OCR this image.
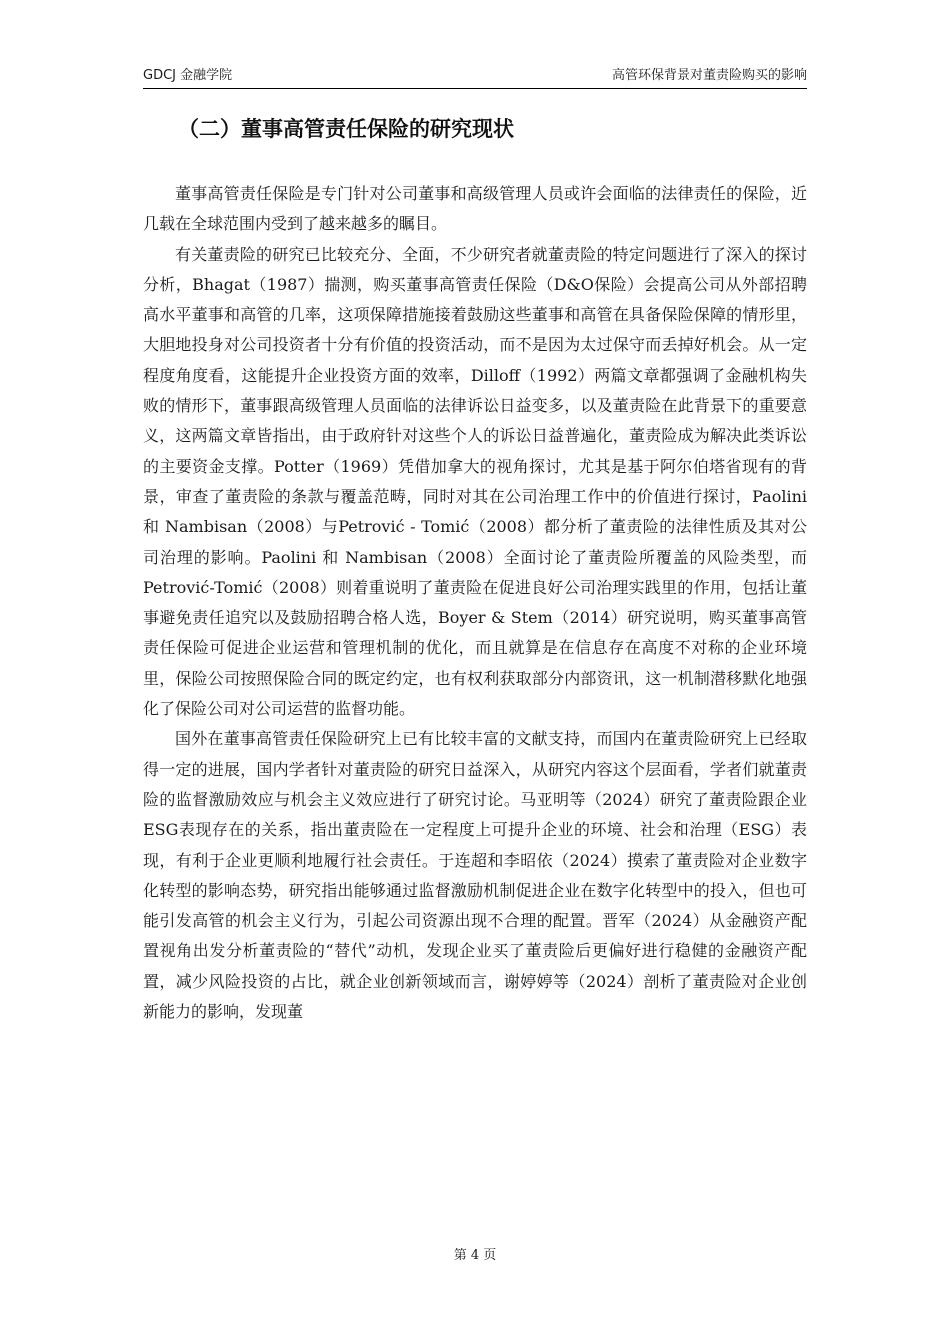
GDCJ 金融学院	高管环保背景对董责险购买的影响
（二）董事高管责任保险的研究现状

董事高管责任保险是专门针对公司董事和高级管理人员或许会面临的法律责任的保险，近几载在全球范围内受到了越来越多的瞩目。

有关董责险的研究已比较充分、全面，不少研究者就董责险的特定问题进行了深入的探讨分析，Bhagat（1987）揣测，购买董事高管责任保险（D&O保险）会提高公司从外部招聘高水平董事和高管的几率，这项保障措施接着鼓励这些董事和高管在具备保险保障的情形里，大胆地投身对公司投资者十分有价值的投资活动，而不是因为太过保守而丢掉好机会。从一定程度角度看，这能提升企业投资方面的效率，Dilloff（1992）两篇文章都强调了金融机构失败的情形下，董事跟高级管理人员面临的法律诉讼日益变多，以及董责险在此背景下的重要意义，这两篇文章皆指出，由于政府针对这些个人的诉讼日益普遍化，董责险成为解决此类诉讼的主要资金支撑。Potter（1969）凭借加拿大的视角探讨，尤其是基于阿尔伯塔省现有的背景，审查了董责险的条款与覆盖范畴，同时对其在公司治理工作中的价值进行探讨，Paolini 和 Nambisan（2008）与Petrović - Tomić（2008）都分析了董责险的法律性质及其对公司治理的影响。Paolini 和 Nambisan（2008）全面讨论了董责险所覆盖的风险类型，而Petrović-Tomić（2008）则着重说明了董责险在促进良好公司治理实践里的作用，包括让董事避免责任追究以及鼓励招聘合格人选，Boyer & Stem（2014）研究说明，购买董事高管责任保险可促进企业运营和管理机制的优化，而且就算是在信息存在高度不对称的企业环境里，保险公司按照保险合同的既定约定，也有权利获取部分内部资讯，这一机制潜移默化地强化了保险公司对公司运营的监督功能。

国外在董事高管责任保险研究上已有比较丰富的文献支持，而国内在董责险研究上已经取得一定的进展，国内学者针对董责险的研究日益深入，从研究内容这个层面看，学者们就董责险的监督激励效应与机会主义效应进行了研究讨论。马亚明等（2024）研究了董责险跟企业ESG表现存在的关系，指出董责险在一定程度上可提升企业的环境、社会和治理（ESG）表现，有利于企业更顺利地履行社会责任。于连超和李昭依（2024）摸索了董责险对企业数字化转型的影响态势，研究指出能够通过监督激励机制促进企业在数字化转型中的投入，但也可能引发高管的机会主义行为，引起公司资源出现不合理的配置。晋军（2024）从金融资产配置视角出发分析董责险的“替代”动机，发现企业买了董责险后更偏好进行稳健的金融资产配置，减少风险投资的占比，就企业创新领域而言，谢婷婷等（2024）剖析了董责险对企业创新能力的影响，发现董

第 4 页
